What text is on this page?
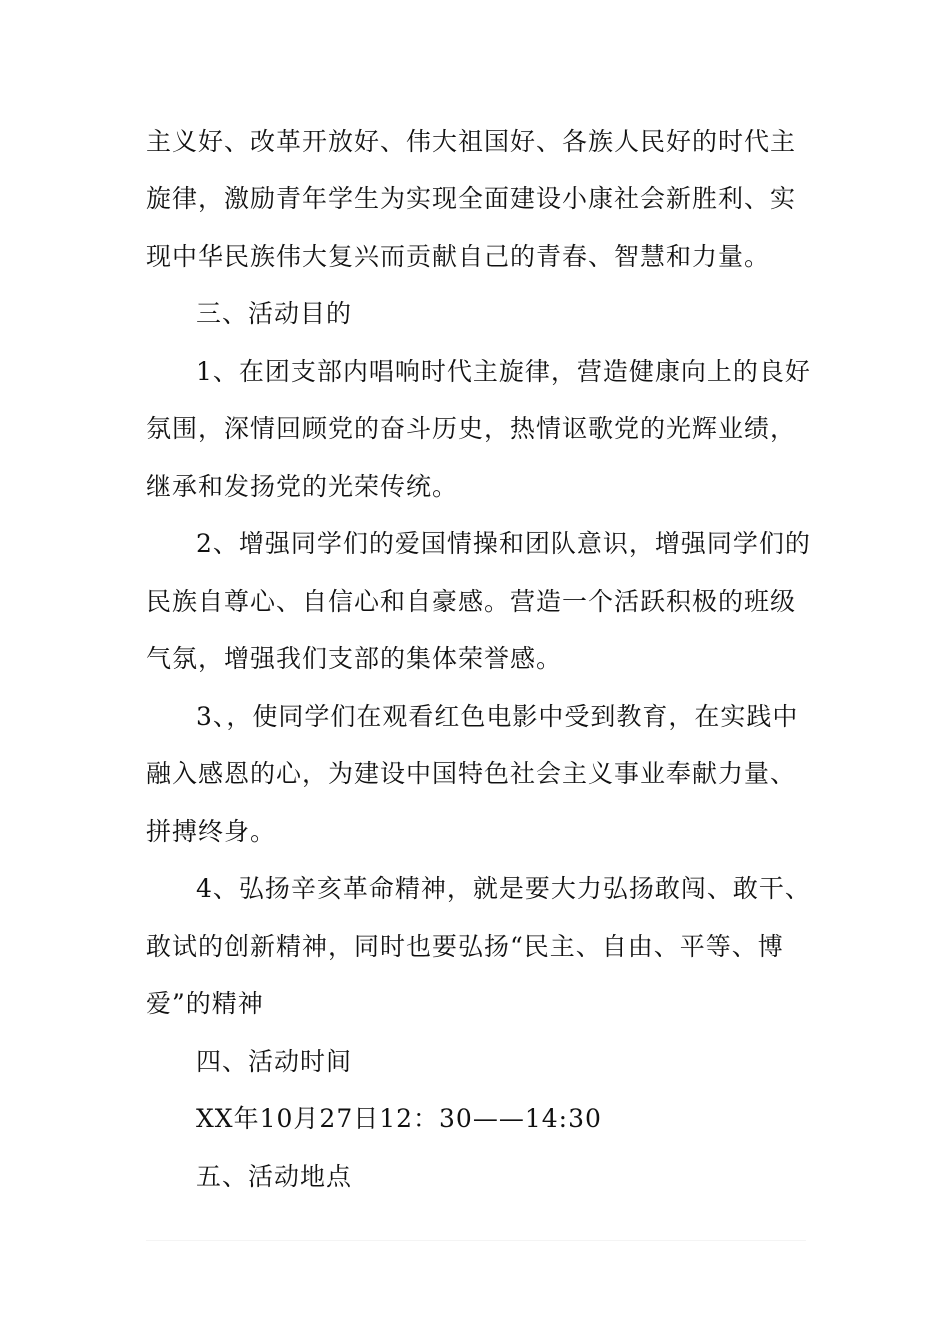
主义好、改革开放好、伟大祖国好、各族人民好的时代主
旋律，激励青年学生为实现全面建设小康社会新胜利、实
现中华民族伟大复兴而贡献自己的青春、智慧和力量。
三、活动目的
1、在团支部内唱响时代主旋律，营造健康向上的良好
氛围，深情回顾党的奋斗历史，热情讴歌党的光辉业绩，
继承和发扬党的光荣传统。
2、增强同学们的爱国情操和团队意识，增强同学们的
民族自尊心、自信心和自豪感。营造一个活跃积极的班级
气氛，增强我们支部的集体荣誉感。
3、，使同学们在观看红色电影中受到教育，在实践中
融入感恩的心，为建设中国特色社会主义事业奉献力量、
拼搏终身。
4、弘扬辛亥革命精神，就是要大力弘扬敢闯、敢干、
敢试的创新精神，同时也要弘扬“民主、自由、平等、博
爱”的精神
四、活动时间
XX年10月27日12：30——14:30
五、活动地点
